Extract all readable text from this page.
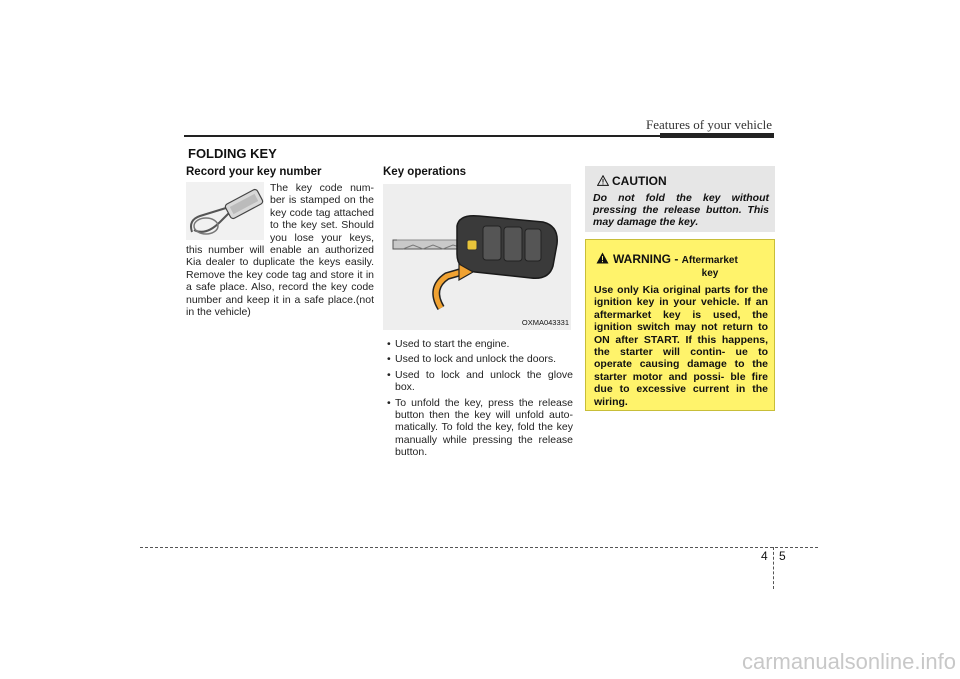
Features of your vehicle
FOLDING KEY
Record your key number
The key code num- ber is stamped on the key code tag attached to the key set. Should you lose your keys, this number will enable an authorized Kia dealer to duplicate the keys easily. Remove the key code tag and store it in a safe place. Also, record the key code number and keep it in a safe place.(not in the vehicle)
Key operations
OXMA043331
• Used to start the engine.
• Used to lock and unlock the doors.
• Used to lock and unlock the glove box.
• To unfold the key, press the release button then the key will unfold auto- matically. To fold the key, fold the key manually while pressing the release button.
CAUTION
Do not fold the key without pressing the release button. This may damage the key.
WARNING - Aftermarket
key
Use only Kia original parts for the ignition key in your vehicle. If an aftermarket key is used, the ignition switch may not return to ON after START. If this happens, the starter will contin- ue to operate causing damage to the starter motor and possi- ble fire due to excessive current in the wiring.
4 5
carmanualsonline.info
